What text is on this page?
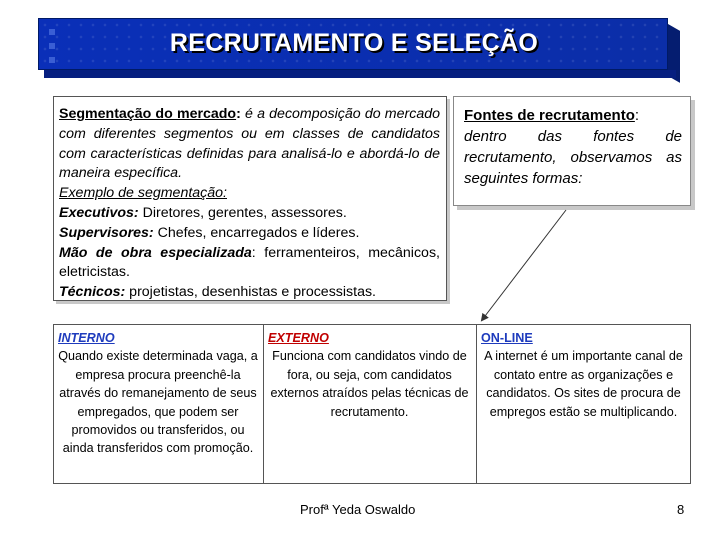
RECRUTAMENTO E SELEÇÃO

Segmentação do mercado: é a decomposição do mercado com diferentes segmentos ou em classes de candidatos com características definidas para analisá-lo e abordá-lo de maneira específica.

Exemplo de segmentação:

Executivos: Diretores, gerentes, assessores.

Supervisores: Chefes, encarregados e líderes.

Mão de obra especializada: ferramenteiros, mecânicos, eletricistas.

Técnicos: projetistas, desenhistas e processistas.

Fontes de recrutamento:
dentro das fontes de recrutamento, observamos as seguintes formas:

INTERNO
Quando existe determinada vaga, a empresa procura preenchê-la através do remanejamento de seus empregados, que podem ser promovidos ou transferidos, ou ainda transferidos com promoção.
EXTERNO
Funciona com candidatos vindo de fora, ou seja, com candidatos externos atraídos pelas técnicas de recrutamento.
ON-LINE
A internet é um importante canal de contato entre as organizações e candidatos. Os sites de procura de empregos estão se multiplicando.
Profª Yeda Oswaldo	8
